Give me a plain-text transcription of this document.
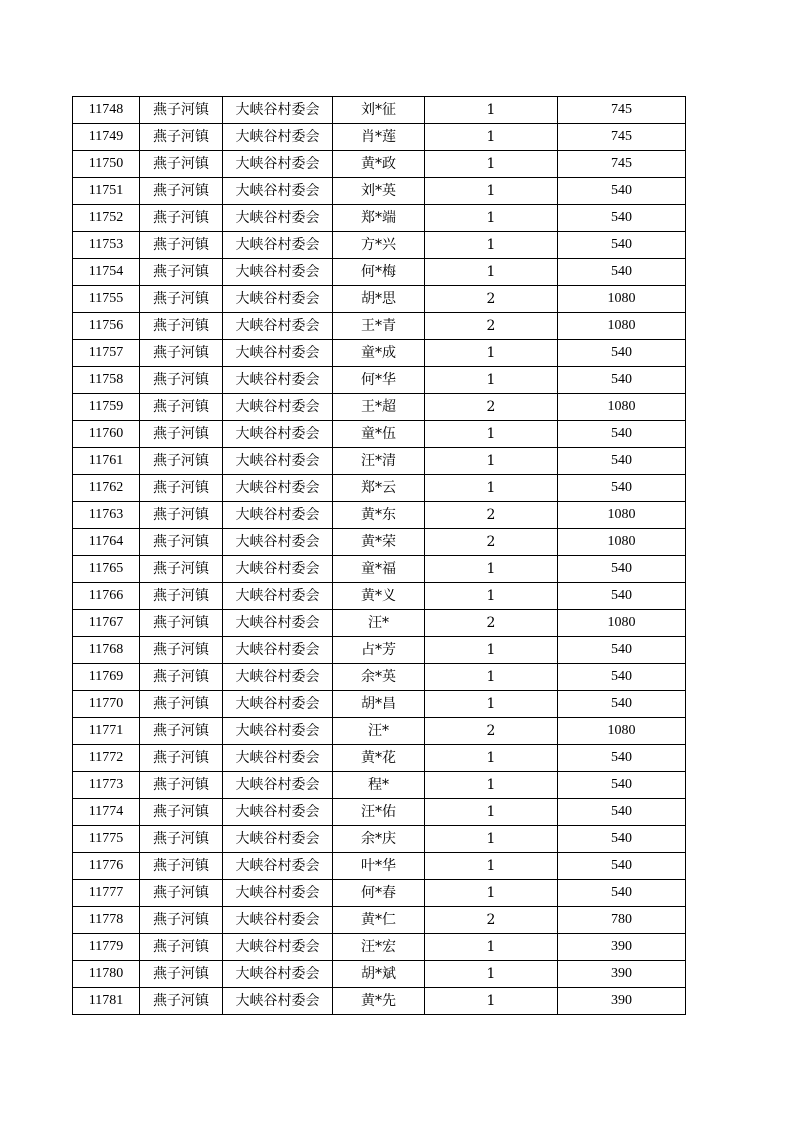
11748	燕子河镇	大峡谷村委会	刘*征	1	745
11749	燕子河镇	大峡谷村委会	肖*莲	1	745
11750	燕子河镇	大峡谷村委会	黄*政	1	745
11751	燕子河镇	大峡谷村委会	刘*英	1	540
11752	燕子河镇	大峡谷村委会	郑*端	1	540
11753	燕子河镇	大峡谷村委会	方*兴	1	540
11754	燕子河镇	大峡谷村委会	何*梅	1	540
11755	燕子河镇	大峡谷村委会	胡*思	2	1080
11756	燕子河镇	大峡谷村委会	王*青	2	1080
11757	燕子河镇	大峡谷村委会	童*成	1	540
11758	燕子河镇	大峡谷村委会	何*华	1	540
11759	燕子河镇	大峡谷村委会	王*超	2	1080
11760	燕子河镇	大峡谷村委会	童*伍	1	540
11761	燕子河镇	大峡谷村委会	汪*清	1	540
11762	燕子河镇	大峡谷村委会	郑*云	1	540
11763	燕子河镇	大峡谷村委会	黄*东	2	1080
11764	燕子河镇	大峡谷村委会	黄*荣	2	1080
11765	燕子河镇	大峡谷村委会	童*福	1	540
11766	燕子河镇	大峡谷村委会	黄*义	1	540
11767	燕子河镇	大峡谷村委会	汪*	2	1080
11768	燕子河镇	大峡谷村委会	占*芳	1	540
11769	燕子河镇	大峡谷村委会	余*英	1	540
11770	燕子河镇	大峡谷村委会	胡*昌	1	540
11771	燕子河镇	大峡谷村委会	汪*	2	1080
11772	燕子河镇	大峡谷村委会	黄*花	1	540
11773	燕子河镇	大峡谷村委会	程*	1	540
11774	燕子河镇	大峡谷村委会	汪*佑	1	540
11775	燕子河镇	大峡谷村委会	余*庆	1	540
11776	燕子河镇	大峡谷村委会	叶*华	1	540
11777	燕子河镇	大峡谷村委会	何*春	1	540
11778	燕子河镇	大峡谷村委会	黄*仁	2	780
11779	燕子河镇	大峡谷村委会	汪*宏	1	390
11780	燕子河镇	大峡谷村委会	胡*斌	1	390
11781	燕子河镇	大峡谷村委会	黄*先	1	390
